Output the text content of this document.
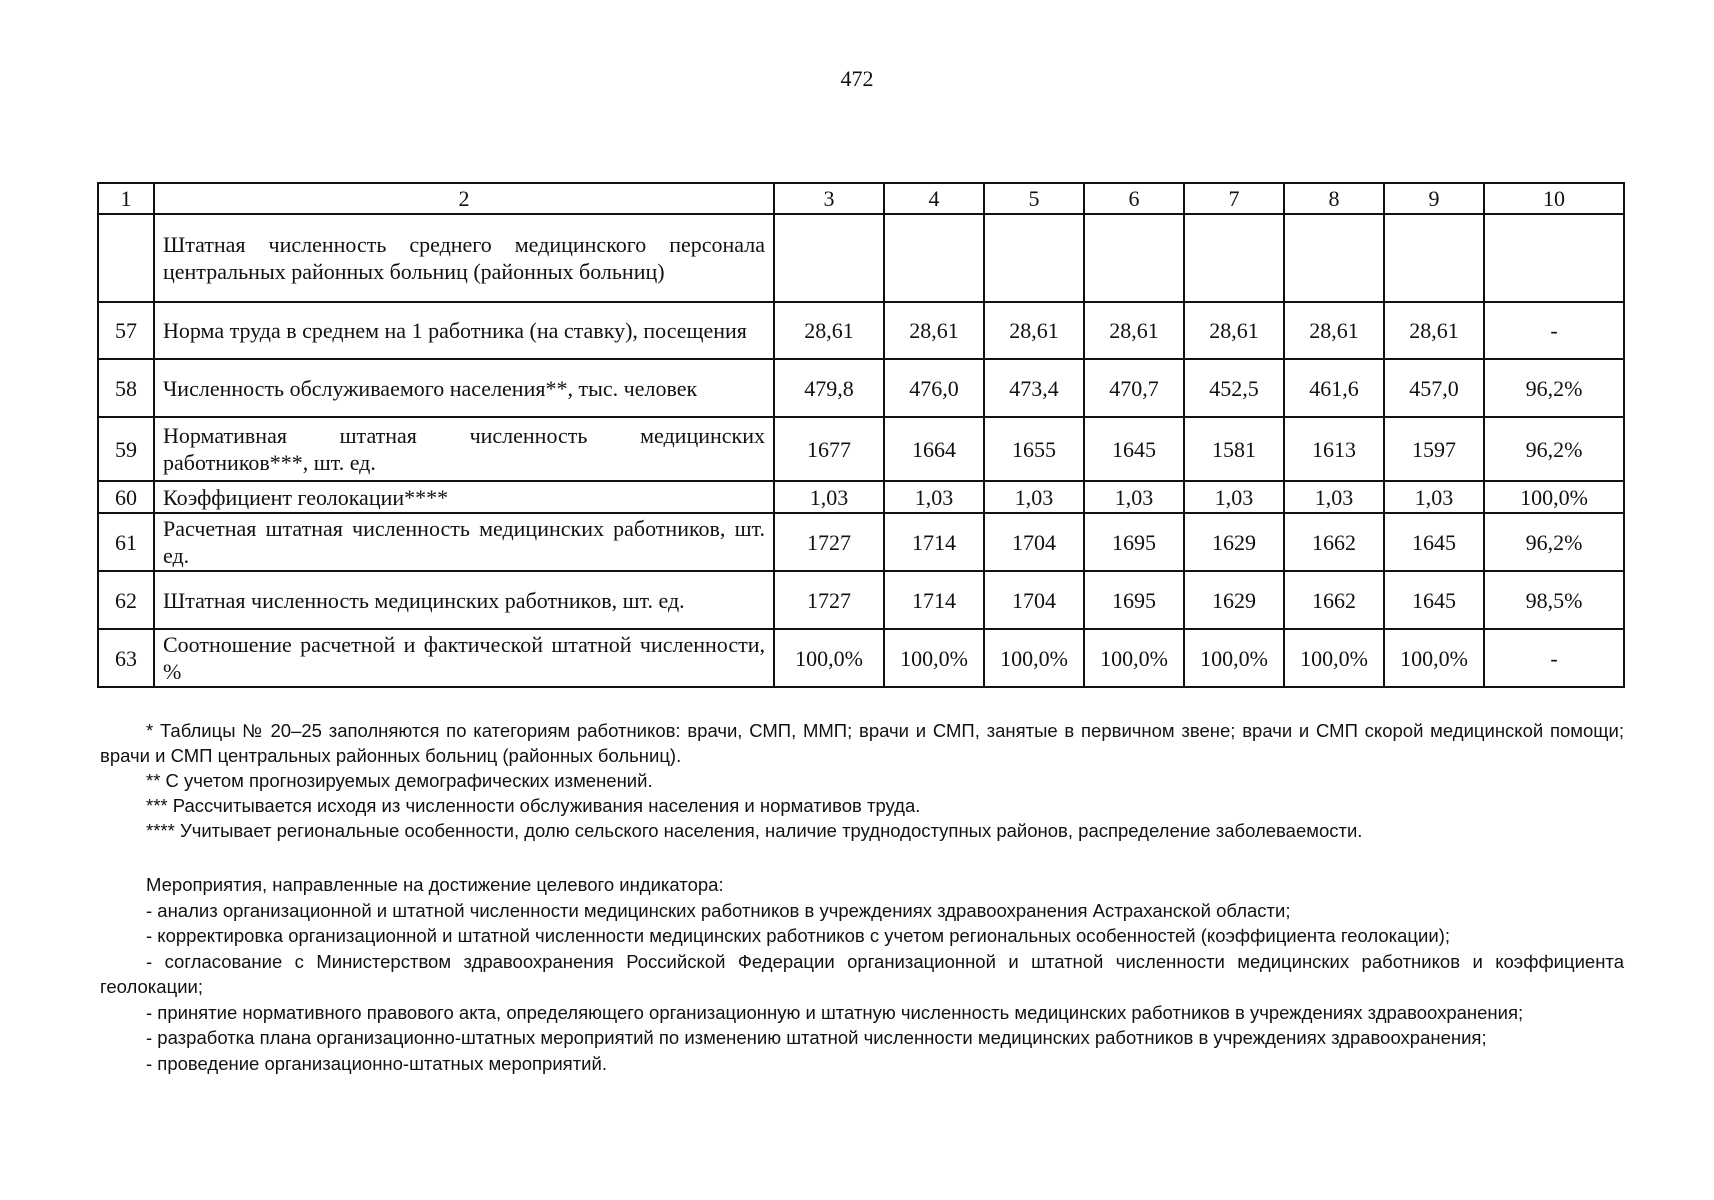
472
1	2	3	4	5	6	7	8	9	10
	Штатная численность среднего медицинского персонала центральных районных больниц (районных больниц)								
57	Норма труда в среднем на 1 работника (на ставку), посещения	28,61	28,61	28,61	28,61	28,61	28,61	28,61	-
58	Численность обслуживаемого населения**, тыс. человек	479,8	476,0	473,4	470,7	452,5	461,6	457,0	96,2%
59	Нормативная штатная численность медицинских работников***, шт. ед.	1677	1664	1655	1645	1581	1613	1597	96,2%
60	Коэффициент геолокации****	1,03	1,03	1,03	1,03	1,03	1,03	1,03	100,0%
61	Расчетная штатная численность медицинских работников, шт. ед.	1727	1714	1704	1695	1629	1662	1645	96,2%
62	Штатная численность медицинских работников, шт. ед.	1727	1714	1704	1695	1629	1662	1645	98,5%
63	Соотношение расчетной и фактической штатной численности, %	100,0%	100,0%	100,0%	100,0%	100,0%	100,0%	100,0%	-

* Таблицы № 20–25 заполняются по категориям работников: врачи, СМП, ММП; врачи и СМП, занятые в первичном звене; врачи и СМП скорой медицинской помощи; врачи и СМП центральных районных больниц (районных больниц).

** С учетом прогнозируемых демографических изменений.

*** Рассчитывается исходя из численности обслуживания населения и нормативов труда.

**** Учитывает региональные особенности, долю сельского населения, наличие труднодоступных районов, распределение заболеваемости.

Мероприятия, направленные на достижение целевого индикатора:

- анализ организационной и штатной численности медицинских работников в учреждениях здравоохранения Астраханской области;

- корректировка организационной и штатной численности медицинских работников с учетом региональных особенностей (коэффициента геолокации);

- согласование с Министерством здравоохранения Российской Федерации организационной и штатной численности медицинских работников и коэффициента геолокации;

- принятие нормативного правового акта, определяющего организационную и штатную численность медицинских работников в учреждениях здравоохранения;

- разработка плана организационно-штатных мероприятий по изменению штатной численности медицинских работников в учреждениях здравоохранения;

- проведение организационно-штатных мероприятий.
